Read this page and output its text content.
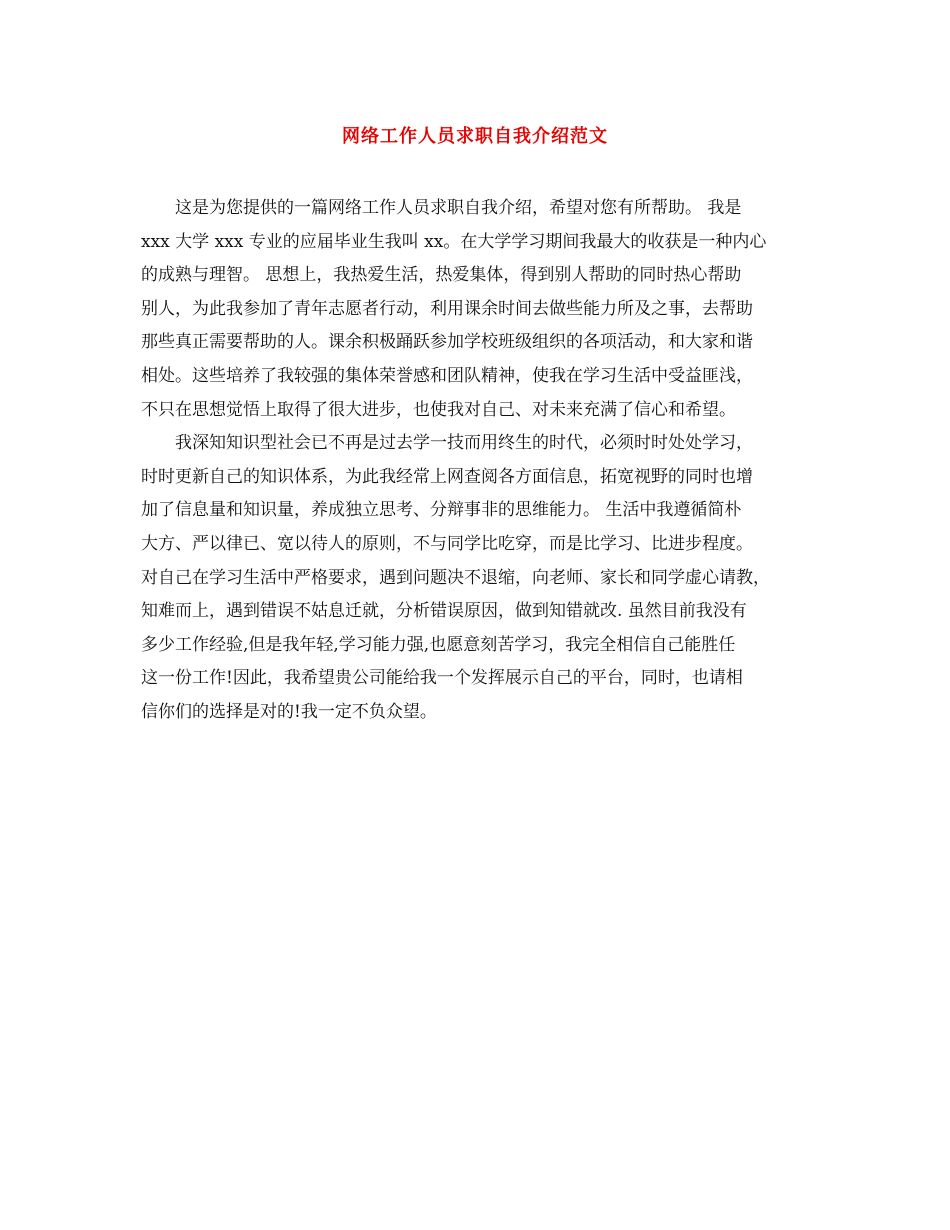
网络工作人员求职自我介绍范文
这是为您提供的一篇网络工作人员求职自我介绍，希望对您有所帮助。 我是
xxx 大学 xxx 专业的应届毕业生我叫 xx。在大学学习期间我最大的收获是一种内心
的成熟与理智。 思想上，我热爱生活，热爱集体，得到别人帮助的同时热心帮助
别人，为此我参加了青年志愿者行动，利用课余时间去做些能力所及之事，去帮助
那些真正需要帮助的人。课余积极踊跃参加学校班级组织的各项活动，和大家和谐
相处。这些培养了我较强的集体荣誉感和团队精神，使我在学习生活中受益匪浅，
不只在思想觉悟上取得了很大进步，也使我对自己、对未来充满了信心和希望。
我深知知识型社会已不再是过去学一技而用终生的时代，必须时时处处学习，
时时更新自己的知识体系，为此我经常上网查阅各方面信息，拓宽视野的同时也增
加了信息量和知识量，养成独立思考、分辩事非的思维能力。 生活中我遵循简朴
大方、严以律已、宽以待人的原则，不与同学比吃穿，而是比学习、比进步程度。
对自己在学习生活中严格要求，遇到问题决不退缩，向老师、家长和同学虚心请教，
知难而上，遇到错误不姑息迁就，分析错误原因，做到知错就改. 虽然目前我没有
多少工作经验,但是我年轻,学习能力强,也愿意刻苦学习，我完全相信自己能胜任
这一份工作!因此，我希望贵公司能给我一个发挥展示自己的平台，同时，也请相
信你们的选择是对的!我一定不负众望。
